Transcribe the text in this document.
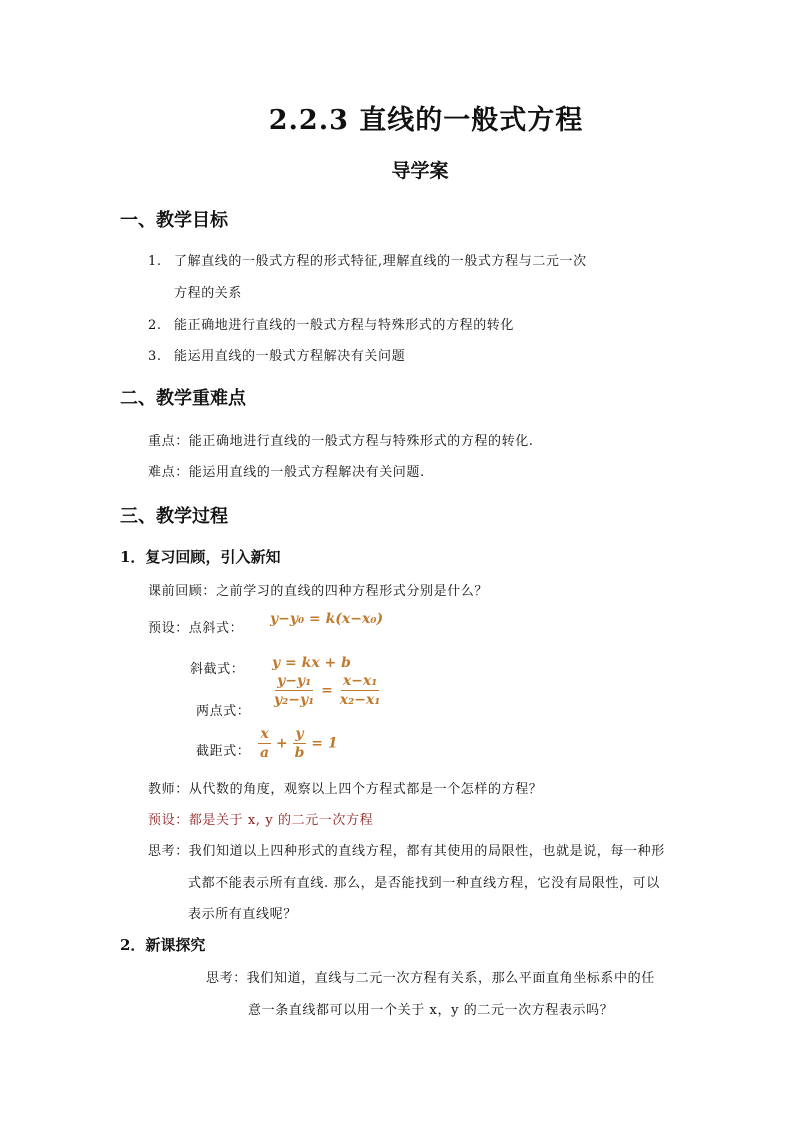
2.2.3 直线的一般式方程
导学案
一、教学目标
1. 了解直线的一般式方程的形式特征,理解直线的一般式方程与二元一次
方程的关系
2. 能正确地进行直线的一般式方程与特殊形式的方程的转化
3. 能运用直线的一般式方程解决有关问题
二、教学重难点
重点：能正确地进行直线的一般式方程与特殊形式的方程的转化.
难点：能运用直线的一般式方程解决有关问题.
三、教学过程
1．复习回顾，引入新知
课前回顾：之前学习的直线的四种方程形式分别是什么？
预设：点斜式：
y−y₀ = k(x−x₀)
斜截式： y = kx + b
两点式：
$\frac{\text{y−y₁}}{\text{y₂−y₁}} = \frac{\text{x−x₁}}{\text{x₂−x₁}}$
截距式： $\frac{x}{a} + \frac{y}{b} = 1$
教师：从代数的角度，观察以上四个方程式都是一个怎样的方程？
预设：都是关于 x, y 的二元一次方程
思考：我们知道以上四种形式的直线方程，都有其使用的局限性，也就是说，每一种形
式都不能表示所有直线. 那么，是否能找到一种直线方程，它没有局限性，可以
表示所有直线呢？
2．新课探究
思考：我们知道，直线与二元一次方程有关系，那么平面直角坐标系中的任
意一条直线都可以用一个关于 x，y 的二元一次方程表示吗？
